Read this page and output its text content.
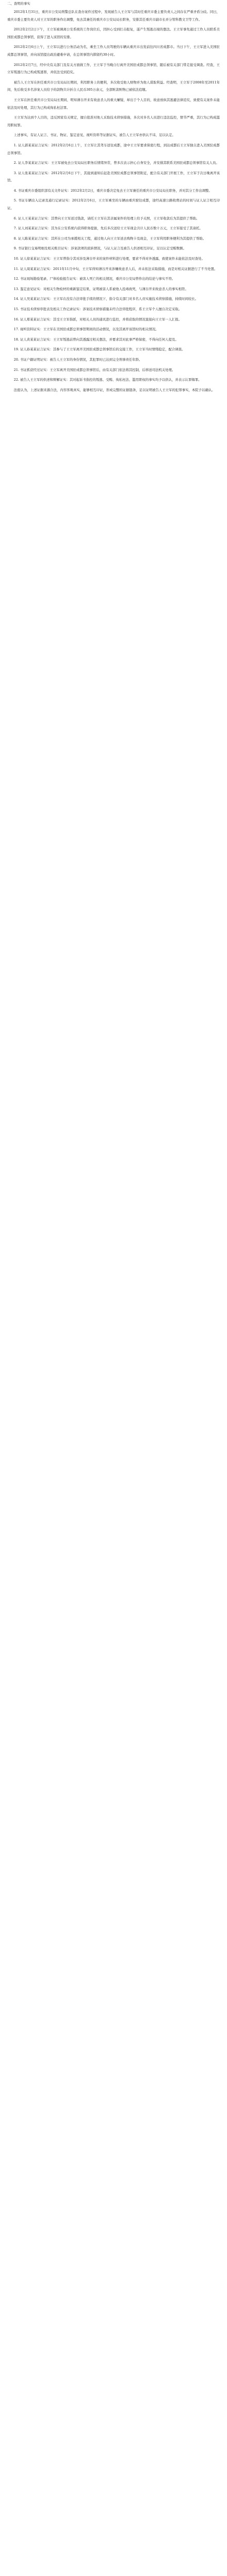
二、查明的事实

2012年1月31日，重庆市公安局刑警总队在查办案件过程中，发现被告人王立军与其时任重庆市委主要负责人之间存在严重矛盾分歧。同日，重庆市委主要负责人对王立军的职务作出调整，免去其兼任的重庆市公安局局长职务，安排其任重庆市副市长并分管科教文卫等工作。

2012年2月2日下午，王立军被调离公安系统的工作岗位后，因担心受到打击报复，遂产生叛逃出境的想法。王立军事先通过工作人员联系美国驻成都总领事馆，获得了进入该馆的安排。

2012年2月6日上午，王立军以进行公务活动为名，乘坐工作人员驾驶的车辆从重庆市出发前往四川省成都市。当日下午，王立军进入美国驻成都总领事馆，并向该馆提出政治避难申请，在总领事馆内滞留约30小时。

2012年2月7日，经中央有关部门及有关方面做工作，王立军于当晚自行离开美国驻成都总领事馆，随后被有关部门带走接受调查。经查，王立军叛逃行为已构成叛逃罪，并依法受到追究。

被告人王立军在担任重庆市公安局局长期间，利用职务上的便利，多次收受他人财物并为他人谋取利益。经查明，王立军于2008年至2011年间，先后收受多名涉案人员给予的款物共计折合人民币305万余元，全部赃款赃物已被依法追缴。

王立军在担任重庆市公安局局长期间，明知薄谷开来有故意杀人的重大嫌疑，却出于个人目的，故意放纵其逃避法律追究，致使有关案件未能依法及时处理，其行为已构成徇私枉法罪。

王立军为达到个人目的，违反国家有关规定，擅自批准对他人采取技术侦察措施，多次对多名人员进行违法监控，情节严重，其行为已构成滥用职权罪。

上述事实，有证人证言、书证、物证、鉴定意见、视听资料等证据证实，被告人王立军亦供认不讳，足以认定。

1. 证人郭某某证言证实：2012年2月6日上午，王立军让其驾车送往成都，途中王立军要求保密行程，到达成都后王立军独自进入美国驻成都总领事馆。

2. 证人李某某证言证实：王立军被免去公安局局长职务后情绪异常，曾多次表示担心自身安全，并安排其联系美国驻成都总领事馆有关人员。

3. 证人张某某证言证实：2012年2月6日下午，其接到通知后赶赴美国驻成都总领事馆附近，配合有关部门开展工作，王立军于次日晚离开该馆。

4. 书证重庆市委组织部有关文件证实：2012年2月2日，重庆市委决定免去王立军兼任的重庆市公安局局长职务，并对其分工作出调整。

5. 书证车辆出入记录及通行记录证实：2012年2月6日，王立军乘坐的车辆由重庆驶往成都，途经高速公路收费站的时间与证人证言相互印证。

6. 证人王某某证言证实：其曾向王立军送过钱款，请托王立军在其亲属案件的处理上给予关照，王立军收款后为其提供了帮助。

7. 证人刘某某证言证实：其为在公安系统内获得职务提拔，先后多次送给王立军现金共计人民币数十万元，王立军接受了其请托。

8. 证人陈某某证言证实：其所在公司为承揽相关工程，通过他人向王立军送去购物卡及现金，王立军利用职务便利为其提供了帮助。

9. 书证银行交易明细及相关账目证实：涉案款项的流转情况，与证人证言及被告人供述相互印证，足以认定受贿数额。

10. 证人徐某某证言证实：王立军曾指令其对涉及薄谷开来的案件材料进行处理，要求不得对外透露，致使案件未能依法及时查处。

11. 证人周某某证言证实：2011年11月中旬，王立军得知薄谷开来涉嫌故意杀人后，并未依法采取措施，而是对相关证据进行了不当处置。

12. 书证现场勘验笔录、尸体检验报告证实：被害人死亡的相关情况，重庆市公安局曾作出的结论与事实不符。

13. 鉴定意见证实：对相关生物检材的重新鉴定结果，证明被害人系被他人投毒致死，与薄谷开来故意杀人的事实相符。

14. 证人吴某某证言证实：王立军在没有合法审批手续的情况下，指令有关部门对多名人员实施技术侦察措施，持续时间较长。

15. 书证技术侦察审批表及相关工作记录证实：涉案技术侦察措施未经合法审批程序，系王立军个人擅自决定采取。

16. 证人郑某某证言证实：其受王立军指派，对相关人员的通讯进行监控，并将获取的情况直接向王立军一人汇报。

17. 视听资料证实：王立军在美国驻成都总领事馆期间的活动情况，以及其离开该馆时的相关情况。

18. 证人黄某某证言证实：王立军叛逃前曾向其透露过相关想法，并要求其对此事严格保密，不得向任何人提及。

19. 证人孙某某证言证实：其参与了王立军离开美国驻成都总领事馆后的交接工作，王立军当时情绪稳定，配合调查。

20. 书证户籍证明证实：被告人王立军的身份情况，其犯罪时已达到完全刑事责任年龄。

21. 书证抓获经过证实：王立军离开美国驻成都总领事馆后，由有关部门依法将其控制，后移送司法机关处理。

22. 被告人王立军的供述和辩解证实：其对起诉书指控的叛逃、受贿、徇私枉法、滥用职权的事实均予以供认，并表示认罪悔罪。

法庭认为，上述证据来源合法，内容客观真实，能够相互印证，形成完整的证据链条，足以证明被告人王立军的犯罪事实，本院予以确认。
